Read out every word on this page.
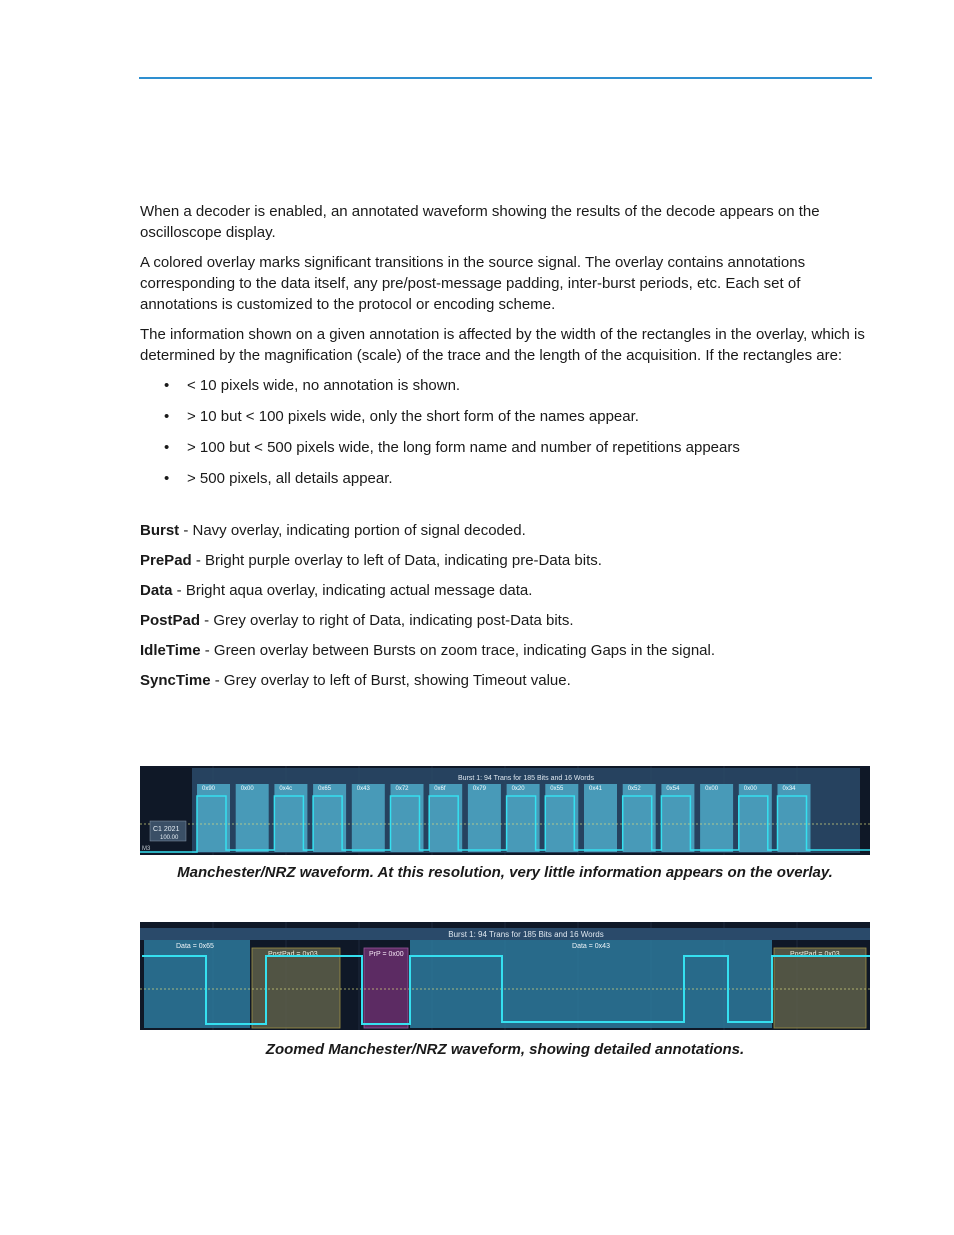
When a decoder is enabled, an annotated waveform showing the results of the decode appears on the oscilloscope display.

A colored overlay marks significant transitions in the source signal. The overlay contains annotations corresponding to the data itself, any pre/post-message padding, inter-burst periods, etc. Each set of annotations is customized to the protocol or encoding scheme.

The information shown on a given annotation is affected by the width of the rectangles in the overlay, which is determined by the magnification (scale) of the trace and the length of the acquisition. If the rectangles are:

• < 10 pixels wide, no annotation is shown.
• > 10 but < 100 pixels wide, only the short form of the names appear.
• > 100 but < 500 pixels wide, the long form name and number of repetitions appears
• > 500 pixels, all details appear.

Burst - Navy overlay, indicating portion of signal decoded.

PrePad - Bright purple overlay to left of Data, indicating pre-Data bits.

Data - Bright aqua overlay, indicating actual message data.

PostPad - Grey overlay to right of Data, indicating post-Data bits.

IdleTime - Green overlay between Bursts on zoom trace, indicating Gaps in the signal.

SyncTime - Grey overlay to left of Burst, showing Timeout value.

Burst 1: 94 Trans for 185 Bits and 16 Words
0x90	0x00	0x4c	0x65	0x43	0x72	0x6f	0x79	0x20	0x55	0x41	0x52	0x54	0x00	0x00	0x34
C1 2021
100.00
M3
Manchester/NRZ waveform. At this resolution, very little information appears on the overlay.
Burst 1: 94 Trans for 185 Bits and 16 Words
Data = 0x65
PostPad = 0x03	PrP = 0x00
Data = 0x43
PostPad = 0x03
Zoomed Manchester/NRZ waveform, showing detailed annotations.
